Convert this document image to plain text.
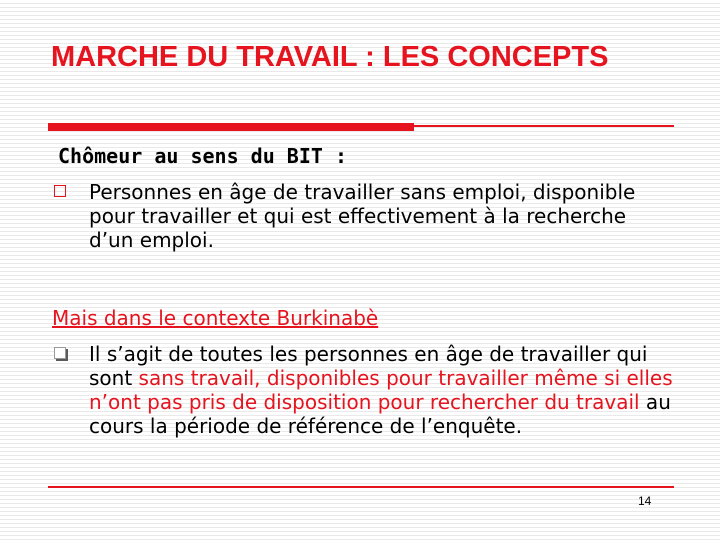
MARCHE DU TRAVAIL : LES CONCEPTS
Chômeur au sens du BIT :
Personnes en âge de travailler sans emploi, disponible pour travailler et qui est effectivement à la recherche d’un emploi.
Mais dans le contexte Burkinabè
Il s’agit de toutes les personnes en âge de travailler qui sont sans travail, disponibles pour travailler même si elles n’ont pas pris de disposition pour rechercher du travail au cours la période de référence de l’enquête.
14
